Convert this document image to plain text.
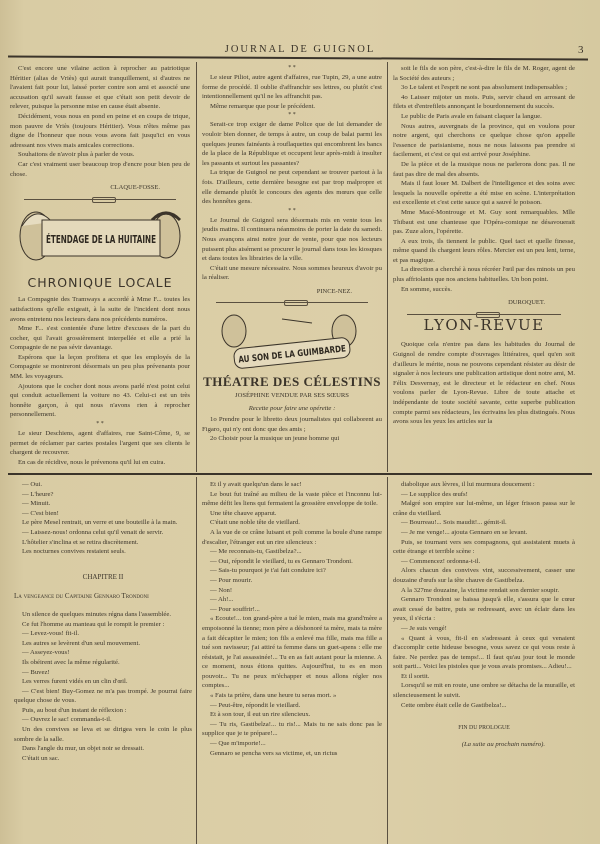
JOURNAL DE GUIGNOL	3

C'est encore une vilaine action à reprocher au patriotique Héritier (alias de Vriès) qui aurait tranquillement, si d'autres ne l'avaient fait pour lui, laissé porter contre son ami et associé une accusation qu'il savait fausse et que c'était son petit devoir de relever, puisque la personne mise en cause était absente.

Décidément, vous nous en pond en peine et en coups de trique, mon pauvre de Vriès (toujours Héritier). Vous n'êtes même pas digne de l'honneur que nous vous avons fait jusqu'ici en vous adressant nos vives mais amicales corrections.

Souhaitons de n'avoir plus à parler de vous.

Car c'est vraiment user beaucoup trop d'encre pour bien peu de chose.

CLAQUE-FOSSE.
ÉTENDAGE DE LA HUITAINE
CHRONIQUE LOCALE

La Compagnie des Tramways a accordé à Mme F... toutes les satisfactions qu'elle exigeait, à la suite de l'incident dont nous avons entretenu nos lecteurs dans nos précédents numéros.

Mme F... s'est contentée d'une lettre d'excuses de la part du cocher, qui l'avait grossièrement interpellée et elle a prié la Compagnie de ne pas sévir davantage.

Espérons que la leçon profitera et que les employés de la Compagnie se montreront désormais un peu plus prévenants pour MM. les voyageurs.

Ajoutons que le cocher dont nous avons parlé n'est point celui qui conduit actuellement la voiture no 43. Celui-ci est un très honnête garçon, à qui nous n'avons rien à reprocher personnellement.

* *

Le sieur Deschiens, agent d'affaires, rue Saint-Côme, 9, se permet de réclamer par cartes postales l'argent que ses clients le chargent de recouvrer.

En cas de récidive, nous le prévenons qu'il lui en cuira.

* *

Le sieur Piliot, autre agent d'affaires, rue Tupin, 29, a une autre forme de procédé. Il oublie d'affranchir ses lettres, ou plutôt c'est intentionnellement qu'il ne les affranchit pas.

Même remarque que pour le précédent.

* *

Serait-ce trop exiger de dame Police que de lui demander de vouloir bien donner, de temps à autre, un coup de balai parmi les quelques jeunes fainéants à rouflaquettes qui encombrent les bancs de la place de la République et occupent leur après-midi à insulter les passants et surtout les passantes?

La trique de Guignol ne peut cependant se trouver partout à la fois. D'ailleurs, cette dernière besogne est par trop malpropre et elle demande plutôt le concours des agents des mœurs que celle des honnêtes gens.

* *

Le Journal de Guignol sera désormais mis en vente tous les jeudis matins. Il continuera néanmoins de porter la date du samedi. Nous avançons ainsi notre jour de vente, pour que nos lecteurs puissent plus aisément se procurer le journal dans tous les kiosques et dans toutes les librairies de la ville.

C'était une mesure nécessaire. Nous sommes heureux d'avoir pu la réaliser.

PINCE-NEZ.
AU SON DE LA GUIMBARDE
THÉATRE DES CÉLESTINS
JOSÉPHINE VENDUE PAR SES SŒURS
Recette pour faire une opérette :

1o Prendre pour le libretto deux journalistes qui collaborent au Figaro, qui n'y ont donc que des amis ;

2o Choisir pour la musique un jeune homme qui

soit le fils de son père, c'est-à-dire le fils de M. Roger, agent de la Société des auteurs ;

3o Le talent et l'esprit ne sont pas absolument indispensables ;

4o Laisser mijoter un mois. Puis, servir chaud en arrosant de filets et d'entrefilets annonçant le bourdonnement du succès.

Le public de Paris avale en faisant claquer la langue.

Nous autres, auvergnats de la province, qui en voulons pour notre argent, qui cherchons ce quelque chose qu'on appelle l'essence de parisianisme, nous ne nous laissons pas prendre si facilement, et c'est ce qui est arrivé pour Joséphine.

De la pièce et de la musique nous ne parlerons donc pas. Il ne faut pas dire de mal des absents.

Mais il faut louer M. Dalbert de l'intelligence et des soins avec lesquels la nouvelle opérette a été mise en scène. L'interprétation est excellente et c'est cette sauce qui a sauvé le poisson.

Mme Macé-Montrouge et M. Guy sont remarquables. Mlle Thibaut est une chanteuse que l'Opéra-comique ne désavouerait pas. Zuze alors, l'opérette.

A eux trois, ils tiennent le public. Quel tact et quelle finesse, même quand ils chargent leurs rôles. Mercier est un peu lent, terne, et pas magique.

La direction a cherché à nous récréer l'œil par des minois un peu plus affriolants que nos anciens habituelles. Un bon point.

En somme, succès.

DUROQUET.
LYON-REVUE

Quoique cela n'entre pas dans les habitudes du Journal de Guignol de rendre compte d'ouvrages littéraires, quel qu'en soit d'ailleurs le mérite, nous ne pouvons cependant résister au désir de signaler à nos lecteurs une publication artistique dont notre ami, M. Félix Desvernay, est le directeur et le rédacteur en chef. Nous voulons parler de Lyon-Revue. Libre de toute attache et indépendante de toute société savante, cette superbe publication compte parmi ses rédacteurs, les écrivains les plus distingués. Nous avons sous les yeux les articles sur la

— Oui.

— L'heure?

— Minuit.

— C'est bien!

Le père Mesel rentrait, un verre et une bouteille à la main.

— Laissez-nous! ordonna celui qu'il venait de servir.

L'hôtelier s'inclina et se retira discrètement.

Les nocturnes convives restaient seuls.

CHAPITRE II
La vengeance du Capitaine Gennaro Trondoni

Un silence de quelques minutes régna dans l'assemblée.

Ce fut l'homme au manteau qui le rompit le premier :

— Levez-vous! fit-il.

Les autres se levèrent d'un seul mouvement.

— Asseyez-vous!

Ils obéirent avec la même régularité.

— Buvez!

Les verres furent vidés en un clin d'œil.

— C'est bien! Buy-Gomez ne m'a pas trompé. Je pourrai faire quelque chose de vous.

Puis, au bout d'un instant de réflexion :

— Ouvrez le sac! commanda-t-il.

Un des convives se leva et se dirigea vers le coin le plus sombre de la salle.

Dans l'angle du mur, un objet noir se dressait.

C'était un sac.

Et il y avait quelqu'un dans le sac!

Le bout fut traîné au milieu de la vaste pièce et l'inconnu lui-même défit les liens qui fermaient la grossière enveloppe de toile.

Une tête chauve apparut.

C'était une noble tête de vieillard.

A la vue de ce crâne luisant et poli comme la boule d'une rampe d'escalier, l'étranger eut un rire silencieux :

— Me reconnais-tu, Gastibelza?...

— Oui, répondit le vieillard, tu es Gennaro Trondoni.

— Sais-tu pourquoi je t'ai fait conduire ici?

— Pour mourir.

— Non!

— Ah!...

— Pour souffrir!...

« Ecoute!... ton grand-père a tué le mien, mais ma grand'mère a empoisonné la tienne; mon père a déshonoré ta mère, mais ta mère a fait décapiter le mien; ton fils a enlevé ma fille, mais ma fille a tué son ravisseur; j'ai attiré ta femme dans un guet-apens : elle me résistait, je l'ai assassinée!... Tu en as fait autant pour la mienne. A ce moment, nous étions quittes. Aujourd'hui, tu es en mon pouvoir... Tu ne peux m'échapper et nous allons régler nos comptes...

« Fais ta prière, dans une heure tu seras mort. »

— Peut-être, répondit le vieillard.

Et à son tour, il eut un rire silencieux.

— Tu ris, Gastibelza!... tu ris!... Mais tu ne sais donc pas le supplice que je te prépare!...

— Que m'importe!...

Gennaro se pencha vers sa victime, et, un rictus

diabolique aux lèvres, il lui murmura doucement :

— Le supplice des œufs!

Malgré son empire sur lui-même, un léger frisson passa sur le crâne du vieillard.

— Bourreau!... Sois maudit!... gémit-il.

— Je me venge!... ajouta Gennaro en se levant.

Puis, se tournant vers ses compagnons, qui assistaient muets à cette étrange et terrible scène :

— Commencez! ordonna-t-il.

Alors chacun des convives vint, successivement, casser une douzaine d'œufs sur la tête chauve de Gastibelza.

A la 327me douzaine, la victime rendait son dernier soupir.

Gennaro Trondoni se baissa jusqu'à elle, s'assura que le cœur avait cessé de battre, puis se redressant, avec un éclair dans les yeux, il s'écria :

— Je suis vengé!

« Quant à vous, fit-il en s'adressant à ceux qui venaient d'accomplir cette hideuse besogne, vous savez ce qui vous reste à faire. Ne perdez pas de temps!... Il faut qu'au jour tout le monde soit parti... Voici les pistoles que je vous avais promises... Adieu!...

Et il sortit.

Lorsqu'il se mit en route, une ombre se détacha de la muraille, et silencieusement le suivit.

Cette ombre était celle de Gastibelza!...

FIN DU PROLOGUE
(La suite au prochain numéro).
